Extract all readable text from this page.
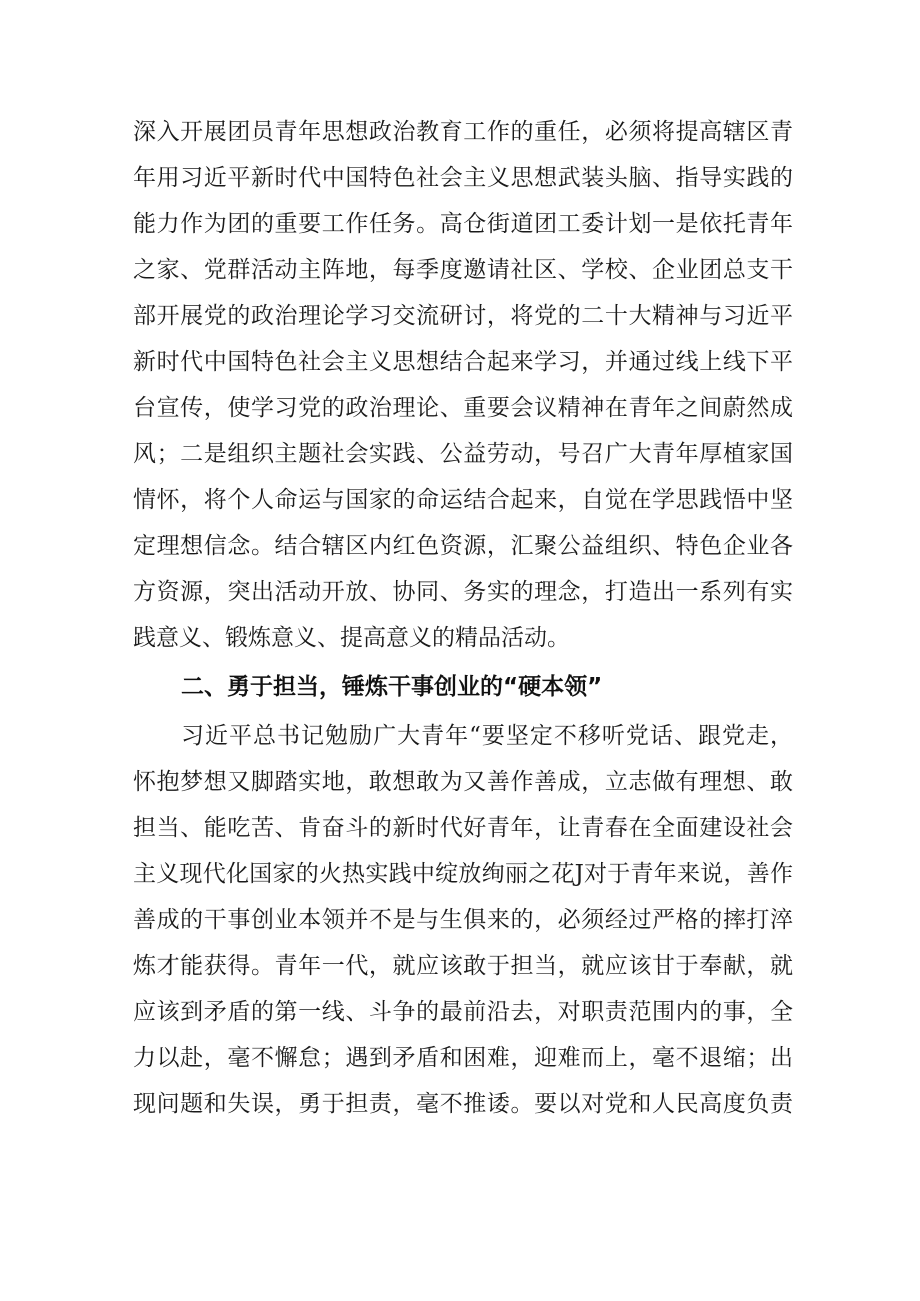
深入开展团员青年思想政治教育工作的重任，必须将提高辖区青
年用习近平新时代中国特色社会主义思想武装头脑、指导实践的
能力作为团的重要工作任务。高仓街道团工委计划一是依托青年
之家、党群活动主阵地，每季度邀请社区、学校、企业团总支干
部开展党的政治理论学习交流研讨，将党的二十大精神与习近平
新时代中国特色社会主义思想结合起来学习，并通过线上线下平
台宣传，使学习党的政治理论、重要会议精神在青年之间蔚然成
风；二是组织主题社会实践、公益劳动，号召广大青年厚植家国
情怀，将个人命运与国家的命运结合起来，自觉在学思践悟中坚
定理想信念。结合辖区内红色资源，汇聚公益组织、特色企业各
方资源，突出活动开放、协同、务实的理念，打造出一系列有实
践意义、锻炼意义、提高意义的精品活动。
二、勇于担当，锤炼干事创业的“硬本领”
习近平总书记勉励广大青年“要坚定不移听党话、跟党走，
怀抱梦想又脚踏实地，敢想敢为又善作善成，立志做有理想、敢
担当、能吃苦、肯奋斗的新时代好青年，让青春在全面建设社会
主义现代化国家的火热实践中绽放绚丽之花J对于青年来说，善作
善成的干事创业本领并不是与生俱来的，必须经过严格的摔打淬
炼才能获得。青年一代，就应该敢于担当，就应该甘于奉献，就
应该到矛盾的第一线、斗争的最前沿去，对职责范围内的事，全
力以赴，毫不懈怠；遇到矛盾和困难，迎难而上，毫不退缩；出
现问题和失误，勇于担责，毫不推诿。要以对党和人民高度负责
